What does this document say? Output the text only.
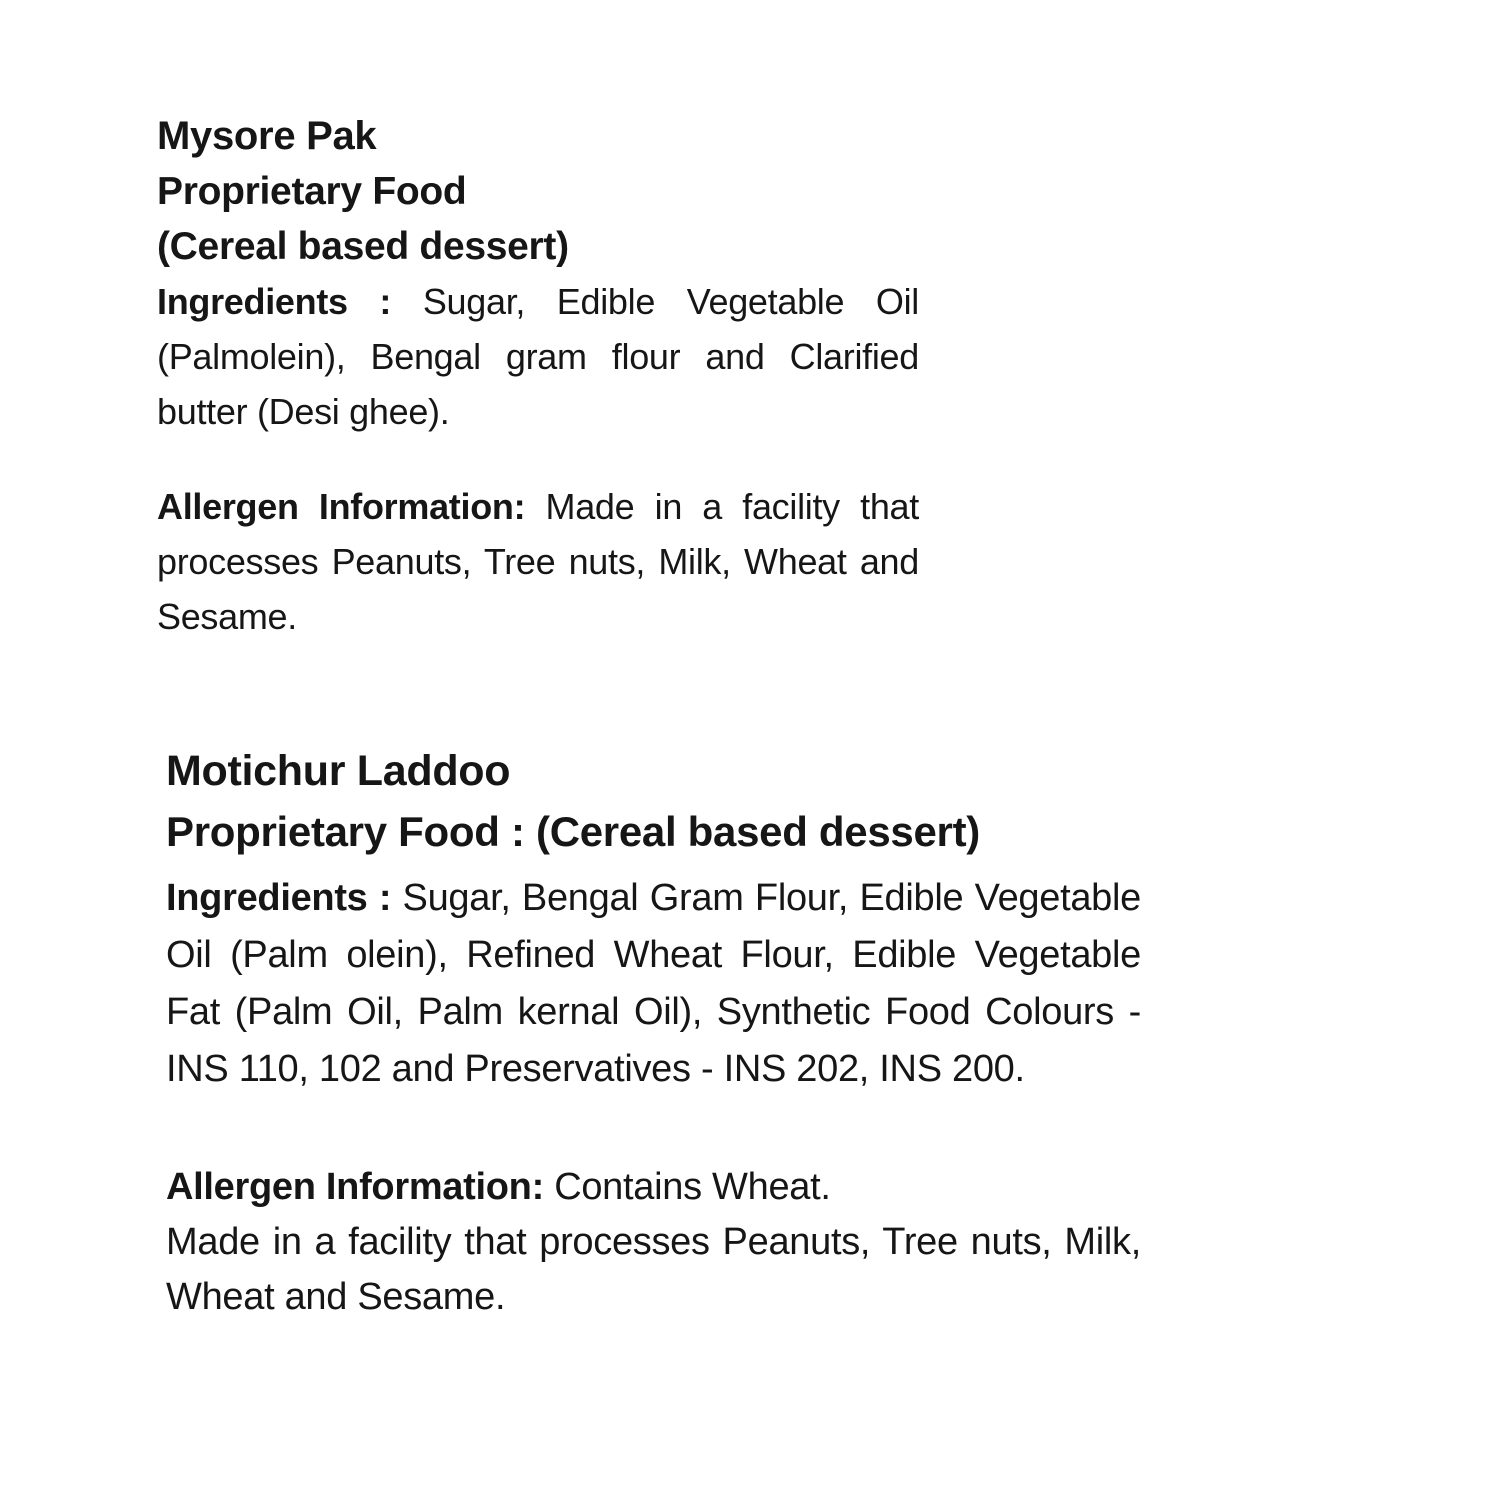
Mysore Pak
Proprietary Food
(Cereal based dessert)

Ingredients : Sugar, Edible Vegetable Oil (Palmolein), Bengal gram flour and Clarified butter (Desi ghee).

Allergen Information: Made in a facility that processes Peanuts, Tree nuts, Milk, Wheat and Sesame.

Motichur Laddoo
Proprietary Food : (Cereal based dessert)

Ingredients : Sugar, Bengal Gram Flour, Edible Vegetable Oil (Palm olein), Refined Wheat Flour, Edible Vegetable Fat (Palm Oil, Palm kernal Oil), Synthetic Food Colours - INS 110, 102 and Preservatives - INS 202, INS 200.

Allergen Information: Contains Wheat.
Made in a facility that processes Peanuts, Tree nuts, Milk, Wheat and Sesame.
